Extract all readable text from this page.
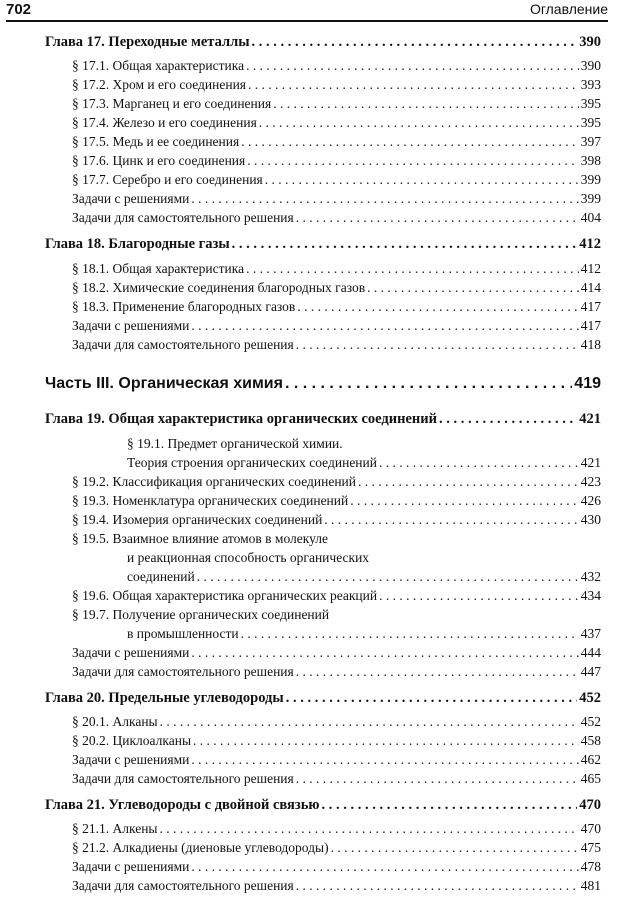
702	Оглавление
Глава 17. Переходные металлы . . .	390
§ 17.1. Общая характеристика . . .	390
§ 17.2. Хром и его соединения . . .	393
§ 17.3. Марганец и его соединения . . .	395
§ 17.4. Железо и его соединения . . .	395
§ 17.5. Медь и ее соединения . . .	397
§ 17.6. Цинк и его соединения . . .	398
§ 17.7. Серебро и его соединения . . .	399
Задачи с решениями . . .	399
Задачи для самостоятельного решения . . .	404
Глава 18. Благородные газы . . .	412
§ 18.1. Общая характеристика . . .	412
§ 18.2. Химические соединения благородных газов . . .	414
§ 18.3. Применение благородных газов . . .	417
Задачи с решениями . . .	417
Задачи для самостоятельного решения . . .	418
Часть III. Органическая химия . . .	419
Глава 19. Общая характеристика органических соединений . . .	421
§ 19.1. Предмет органической химии.
Теория строения органических соединений . . .	421
§ 19.2. Классификация органических соединений . . .	423
§ 19.3. Номенклатура органических соединений . . .	426
§ 19.4. Изомерия органических соединений . . .	430
§ 19.5. Взаимное влияние атомов в молекуле
и реакционная способность органических
соединений . . .	432
§ 19.6. Общая характеристика органических реакций . . .	434
§ 19.7. Получение органических соединений
в промышленности . . .	437
Задачи с решениями . . .	444
Задачи для самостоятельного решения . . .	447
Глава 20. Предельные углеводороды . . .	452
§ 20.1. Алканы . . .	452
§ 20.2. Циклоалканы . . .	458
Задачи с решениями . . .	462
Задачи для самостоятельного решения . . .	465
Глава 21. Углеводороды с двойной связью . . .	470
§ 21.1. Алкены . . .	470
§ 21.2. Алкадиены (диеновые углеводороды) . . .	475
Задачи с решениями . . .	478
Задачи для самостоятельного решения . . .	481
